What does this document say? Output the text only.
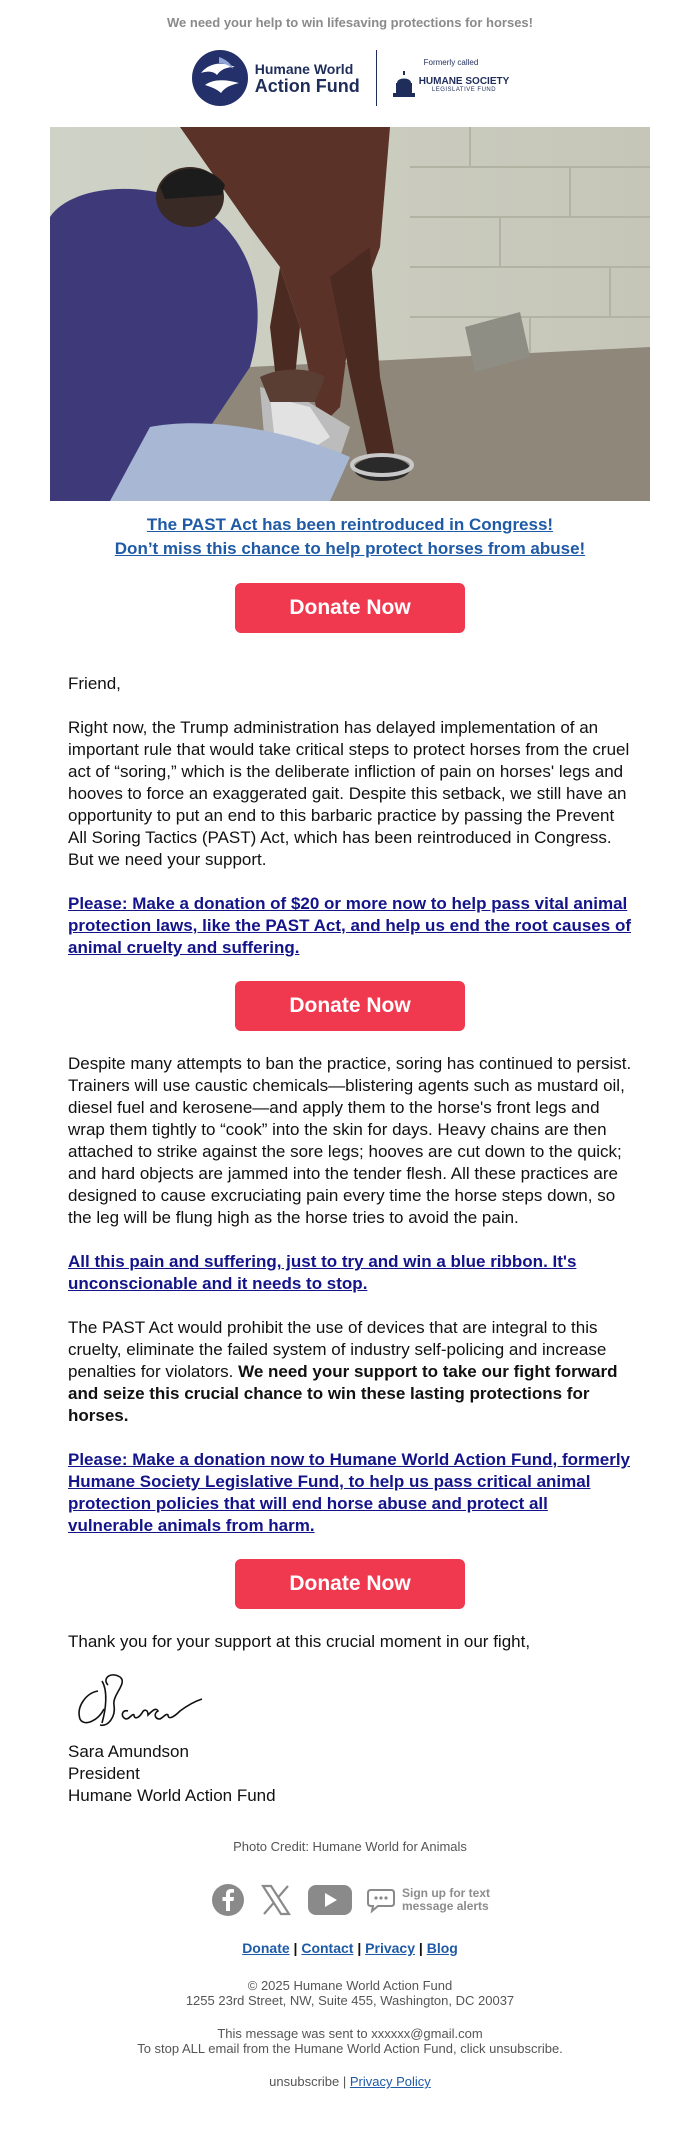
We need your help to win lifesaving protections for horses!
Humane World
Action Fund
Formerly called
HUMANE SOCIETY
LEGISLATIVE FUND
The PAST Act has been reintroduced in Congress!
Don’t miss this chance to help protect horses from abuse!
Donate Now

Friend,

Right now, the Trump administration has delayed implementation of an important rule that would take critical steps to protect horses from the cruel act of “soring,” which is the deliberate infliction of pain on horses' legs and hooves to force an exaggerated gait. Despite this setback, we still have an opportunity to put an end to this barbaric practice by passing the Prevent All Soring Tactics (PAST) Act, which has been reintroduced in Congress. But we need your support.

Please: Make a donation of $20 or more now to help pass vital animal protection laws, like the PAST Act, and help us end the root causes of animal cruelty and suffering.

Donate Now

Despite many attempts to ban the practice, soring has continued to persist. Trainers will use caustic chemicals—blistering agents such as mustard oil, diesel fuel and kerosene—and apply them to the horse's front legs and wrap them tightly to “cook” into the skin for days. Heavy chains are then attached to strike against the sore legs; hooves are cut down to the quick; and hard objects are jammed into the tender flesh. All these practices are designed to cause excruciating pain every time the horse steps down, so the leg will be flung high as the horse tries to avoid the pain.

All this pain and suffering, just to try and win a blue ribbon. It's unconscionable and it needs to stop.

The PAST Act would prohibit the use of devices that are integral to this cruelty, eliminate the failed system of industry self-policing and increase penalties for violators. We need your support to take our fight forward and seize this crucial chance to win these lasting protections for horses.

Please: Make a donation now to Humane World Action Fund, formerly Humane Society Legislative Fund, to help us pass critical animal protection policies that will end horse abuse and protect all vulnerable animals from harm.

Donate Now

Thank you for your support at this crucial moment in our fight,

Sara Amundson

President

Humane World Action Fund

Photo Credit: Humane World for Animals

Sign up for text
message alerts

Donate | Contact | Privacy | Blog

© 2025 Humane World Action Fund

1255 23rd Street, NW, Suite 455, Washington, DC 20037

This message was sent to xxxxxx@gmail.com

To stop ALL email from the Humane World Action Fund, click unsubscribe.

unsubscribe | Privacy Policy
